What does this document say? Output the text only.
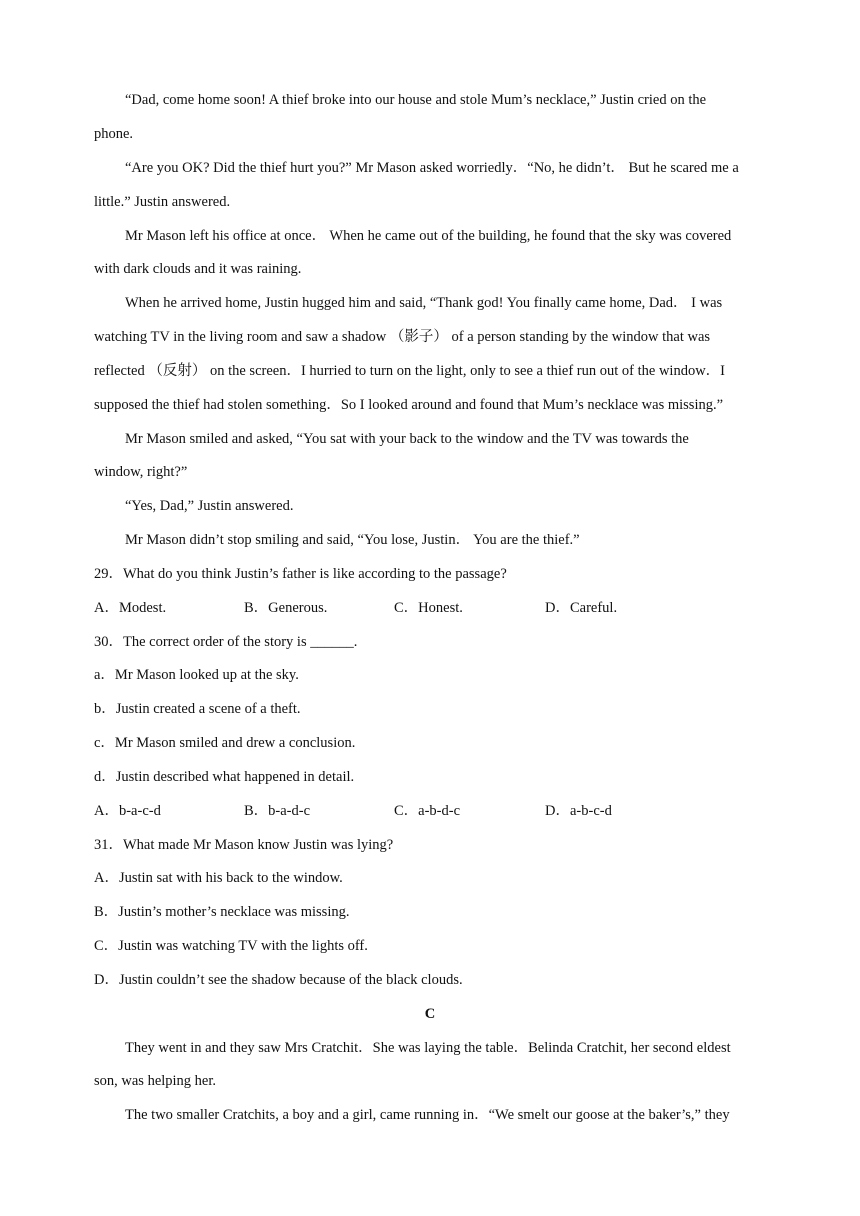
“Dad, come home soon! A thief broke into our house and stole Mum’s necklace,” Justin cried on the
phone.
“Are you OK? Did the thief hurt you?” Mr Mason asked worriedly．“No, he didn’t． But he scared me a
little.” Justin answered.
Mr Mason left his office at once． When he came out of the building, he found that the sky was covered
with dark clouds and it was raining.
When he arrived home, Justin hugged him and said, “Thank god! You finally came home, Dad． I was
watching TV in the living room and saw a shadow （影子） of a person standing by the window that was
reflected （反射） on the screen．I hurried to turn on the light, only to see a thief run out of the window．I
supposed the thief had stolen something．So I looked around and found that Mum’s necklace was missing.”
Mr Mason smiled and asked, “You sat with your back to the window and the TV was towards the
window, right?”
“Yes, Dad,” Justin answered.
Mr Mason didn’t stop smiling and said, “You lose, Justin． You are the thief.”
29．What do you think Justin’s father is like according to the passage?
A．Modest.	B．Generous.	C．Honest.	D．Careful.
30．The correct order of the story is ______.
a．Mr Mason looked up at the sky.
b．Justin created a scene of a theft.
c．Mr Mason smiled and drew a conclusion.
d．Justin described what happened in detail.
A．b-a-c-d	B．b-a-d-c	C．a-b-d-c	D．a-b-c-d
31．What made Mr Mason know Justin was lying?
A．Justin sat with his back to the window.
B．Justin’s mother’s necklace was missing.
C．Justin was watching TV with the lights off.
D．Justin couldn’t see the shadow because of the black clouds.
C
They went in and they saw Mrs Cratchit．She was laying the table．Belinda Cratchit, her second eldest
son, was helping her.
The two smaller Cratchits, a boy and a girl, came running in．“We smelt our goose at the baker’s,” they
